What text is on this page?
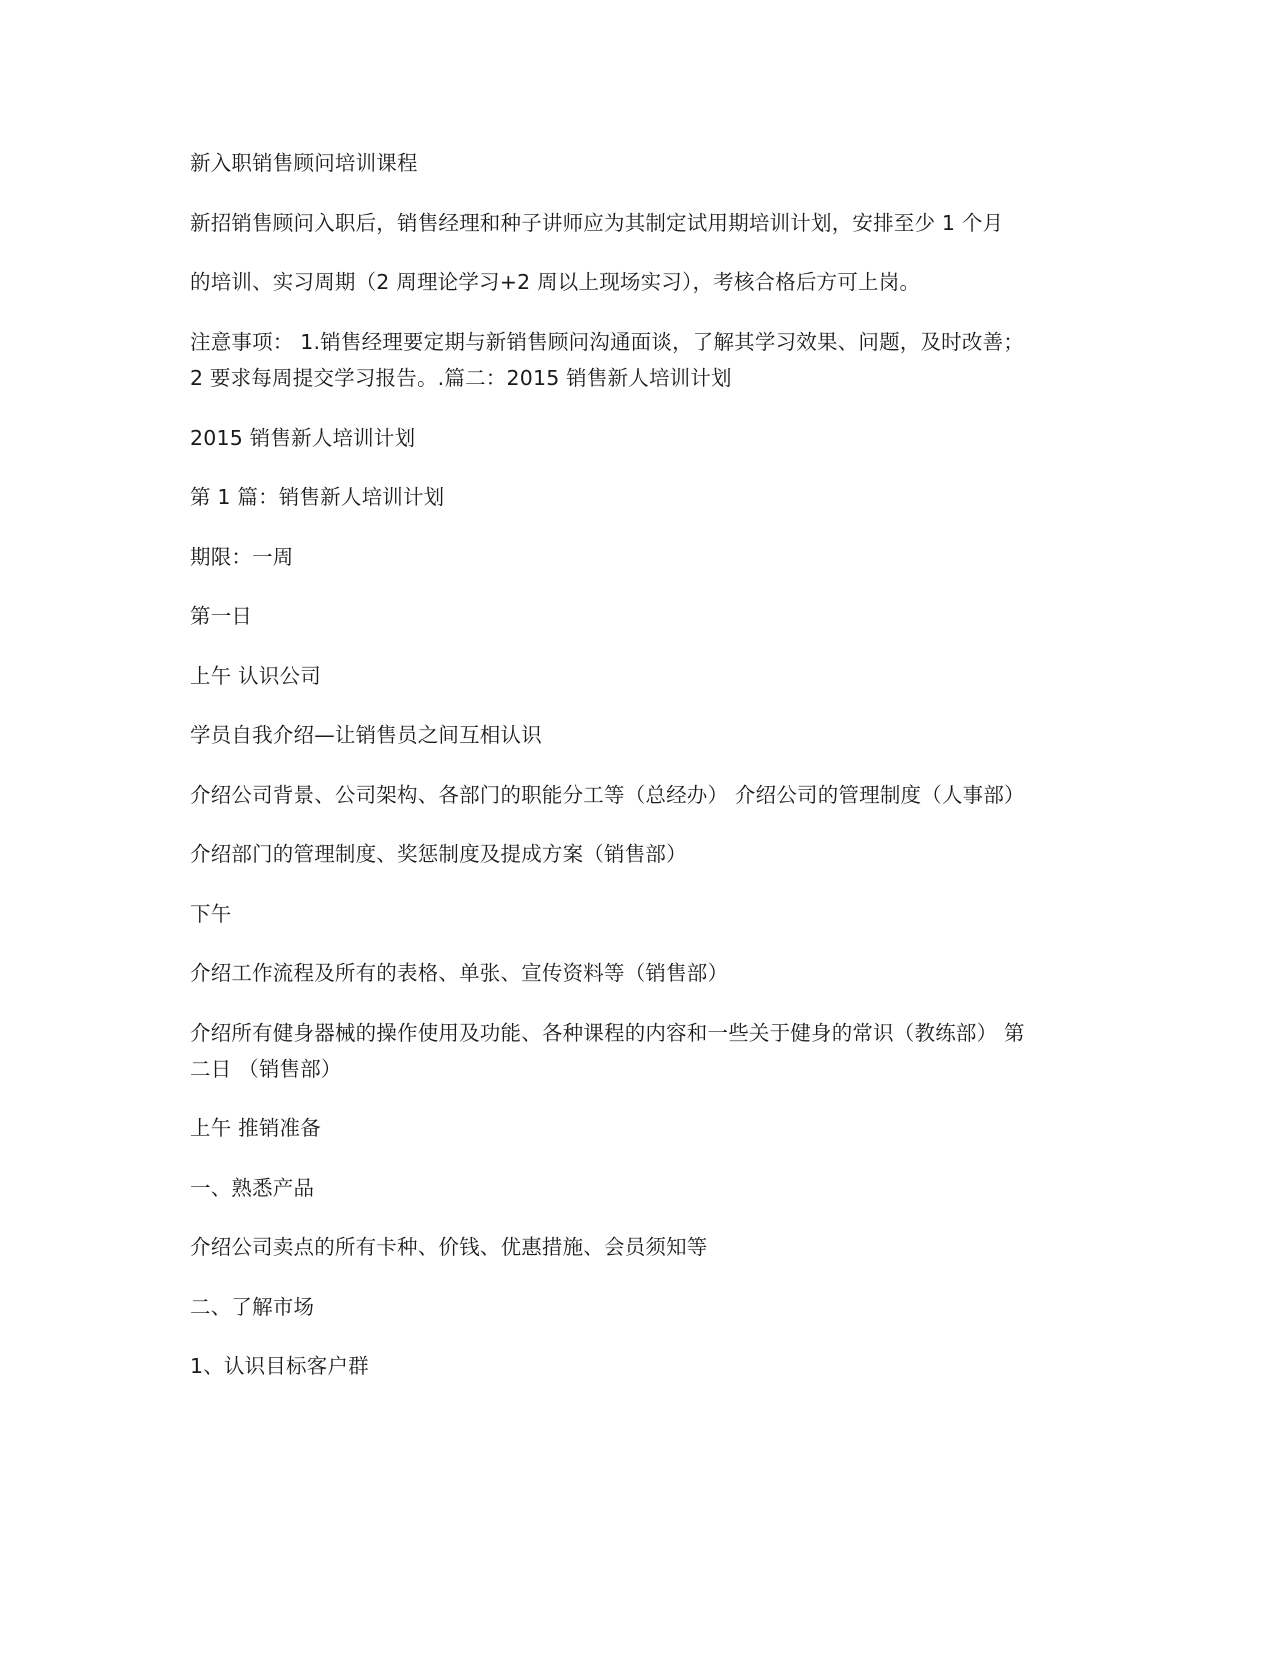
新入职销售顾问培训课程
新招销售顾问入职后，销售经理和种子讲师应为其制定试用期培训计划，安排至少 1 个月
的培训、实习周期（2 周理论学习+2 周以上现场实习），考核合格后方可上岗。
注意事项： 1.销售经理要定期与新销售顾问沟通面谈，了解其学习效果、问题，及时改善；
2 要求每周提交学习报告。.篇二：2015 销售新人培训计划
2015 销售新人培训计划
第 1 篇：销售新人培训计划
期限：一周
第一日
上午 认识公司
学员自我介绍—让销售员之间互相认识
介绍公司背景、公司架构、各部门的职能分工等（总经办） 介绍公司的管理制度（人事部）
介绍部门的管理制度、奖惩制度及提成方案（销售部）
下午
介绍工作流程及所有的表格、单张、宣传资料等（销售部）
介绍所有健身器械的操作使用及功能、各种课程的内容和一些关于健身的常识（教练部） 第
二日 （销售部）
上午 推销准备
一、熟悉产品
介绍公司卖点的所有卡种、价钱、优惠措施、会员须知等
二、了解市场
1、认识目标客户群
